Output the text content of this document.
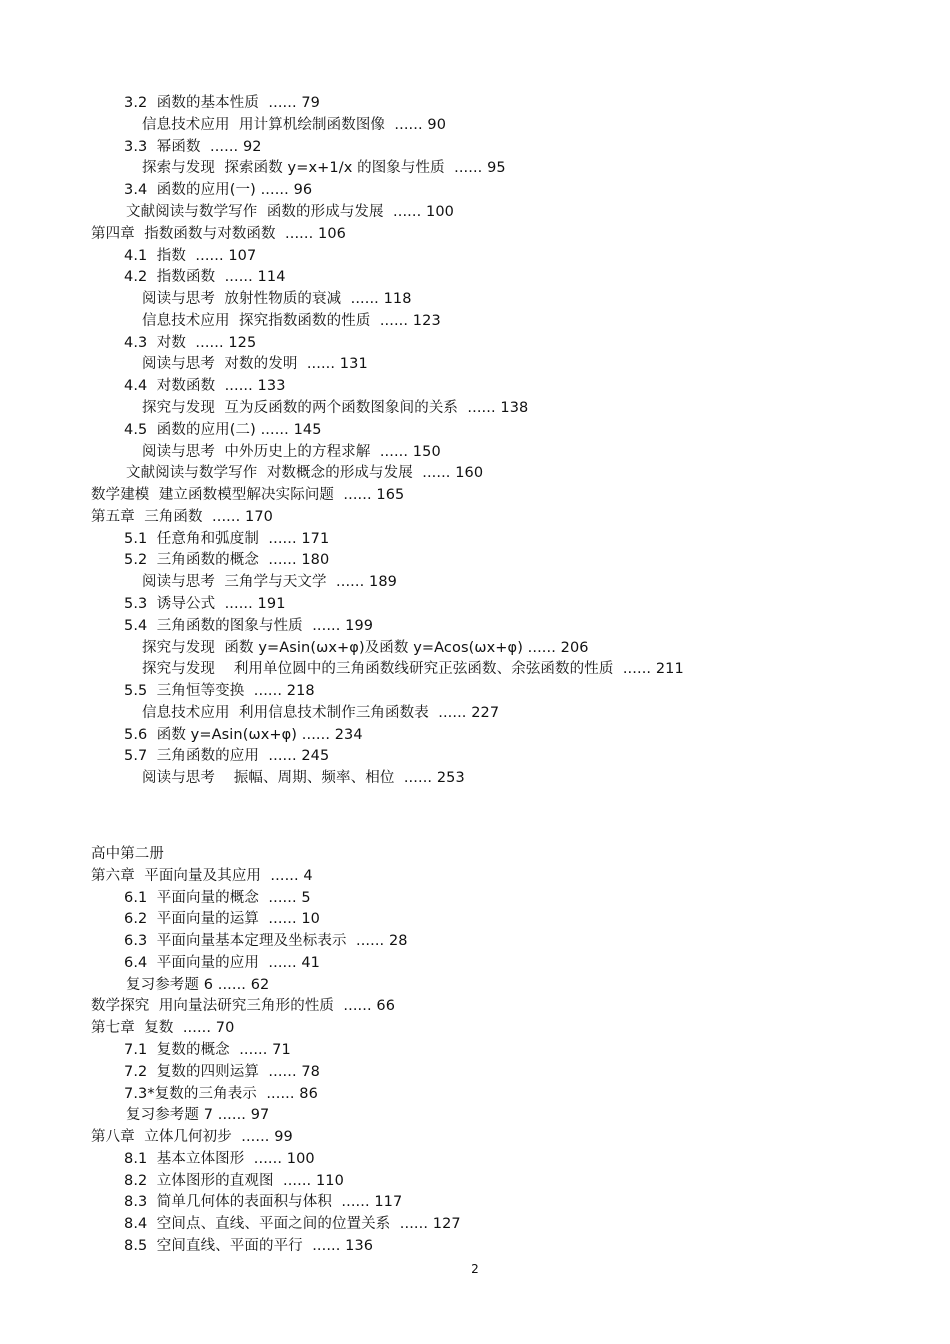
3.2  函数的基本性质  ...... 79
信息技术应用  用计算机绘制函数图像  ...... 90
3.3  幂函数  ...... 92
探索与发现  探索函数 y=x+1/x 的图象与性质  ...... 95
3.4  函数的应用(一) ...... 96
文献阅读与数学写作  函数的形成与发展  ...... 100
第四章  指数函数与对数函数  ...... 106
4.1  指数  ...... 107
4.2  指数函数  ...... 114
阅读与思考  放射性物质的衰减  ...... 118
信息技术应用  探究指数函数的性质  ...... 123
4.3  对数  ...... 125
阅读与思考  对数的发明  ...... 131
4.4  对数函数  ...... 133
探究与发现  互为反函数的两个函数图象间的关系  ...... 138
4.5  函数的应用(二) ...... 145
阅读与思考  中外历史上的方程求解  ...... 150
文献阅读与数学写作  对数概念的形成与发展  ...... 160
数学建模  建立函数模型解决实际问题  ...... 165
第五章  三角函数  ...... 170
5.1  任意角和弧度制  ...... 171
5.2  三角函数的概念  ...... 180
阅读与思考  三角学与天文学  ...... 189
5.3  诱导公式  ...... 191
5.4  三角函数的图象与性质  ...... 199
探究与发现  函数 y=Asin(ωx+φ)及函数 y=Acos(ωx+φ) ...... 206
探究与发现    利用单位圆中的三角函数线研究正弦函数、余弦函数的性质  ...... 211
5.5  三角恒等变换  ...... 218
信息技术应用  利用信息技术制作三角函数表  ...... 227
5.6  函数 y=Asin(ωx+φ) ...... 234
5.7  三角函数的应用  ...... 245
阅读与思考    振幅、周期、频率、相位  ...... 253
高中第二册
第六章  平面向量及其应用  ...... 4
6.1  平面向量的概念  ...... 5
6.2  平面向量的运算  ...... 10
6.3  平面向量基本定理及坐标表示  ...... 28
6.4  平面向量的应用  ...... 41
复习参考题 6 ...... 62
数学探究  用向量法研究三角形的性质  ...... 66
第七章  复数  ...... 70
7.1  复数的概念  ...... 71
7.2  复数的四则运算  ...... 78
7.3*复数的三角表示  ...... 86
复习参考题 7 ...... 97
第八章  立体几何初步  ...... 99
8.1  基本立体图形  ...... 100
8.2  立体图形的直观图  ...... 110
8.3  简单几何体的表面积与体积  ...... 117
8.4  空间点、直线、平面之间的位置关系  ...... 127
8.5  空间直线、平面的平行  ...... 136
2
